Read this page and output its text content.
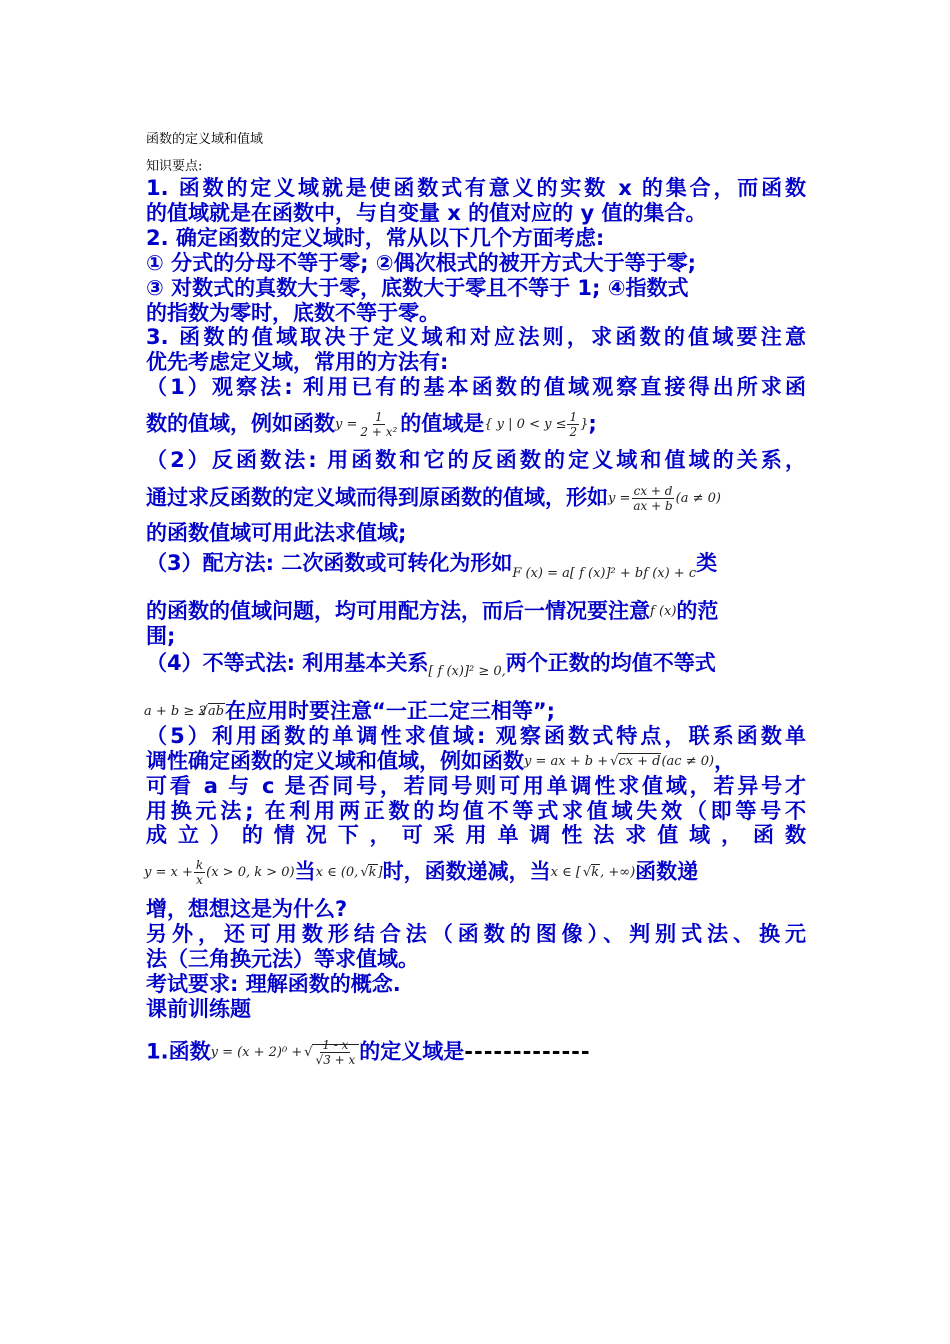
函数的定义域和值域
知识要点:
1. 函数的定义域就是使函数式有意义的实数 x 的集合，而函数
的值域就是在函数中，与自变量 x 的值对应的 y 值的集合。
2. 确定函数的定义域时，常从以下几个方面考虑:
① 分式的分母不等于零; ②偶次根式的被开方式大于等于零;
③ 对数式的真数大于零，底数大于零且不等于 1; ④指数式
的指数为零时，底数不等于零。
3. 函数的值域取决于定义域和对应法则，求函数的值域要注意
优先考虑定义域，常用的方法有:
（1）观察法: 利用已有的基本函数的值域观察直接得出所求函
数的值域，例如函数$y = \frac{1}{\text{2 + x²}}$ 的值域是{ y | $0 < y \le \frac{1}{2}$ };
（2）反函数法: 用函数和它的反函数的定义域和值域的关系，
通过求反函数的定义域而得到原函数的值域，形如$y = \frac{cx + d}{ax + b} (a \ne 0)$
的函数值域可用此法求值域;
（3）配方法: 二次函数或可转化为形如F (x) = a[ f (x)]² + bf (x) + c类
的函数的值域问题，均可用配方法，而后一情况要注意f (x)的范
围;
（4）不等式法: 利用基本关系[ f (x)]² ≥ 0,两个正数的均值不等式
a + b ≥ 2√ ab在应用时要注意“一正二定三相等”;
（5）利用函数的单调性求值域: 观察函数式特点，联系函数单
调性确定函数的定义域和值域，例如函数y = ax + b + √ cx + d(ac ≠ 0)，
可看 a 与 c 是否同号，若同号则可用单调性求值域，若异号才
用换元法; 在利用两正数的均值不等式求值域失效（即等号不
成 立 ） 的 情 况 下 ， 可 采 用 单 调 性 法 求 值 域 ， 函 数
$y = x + \frac{k}{x} (x > 0$, k > 0)当x ∈ (0, √ k]时，函数递减，当x ∈ [ √ k, +∞)函数递
增，想想这是为什么?
另外，还可用数形结合法（函数的图像）、判别式法、换元
法（三角换元法）等求值域。
考试要求: 理解函数的概念.
课前训练题
1.函数y = (x + 2)⁰ + √ $\frac{1 - x}{√3 + x}$ 的定义域是-------------
